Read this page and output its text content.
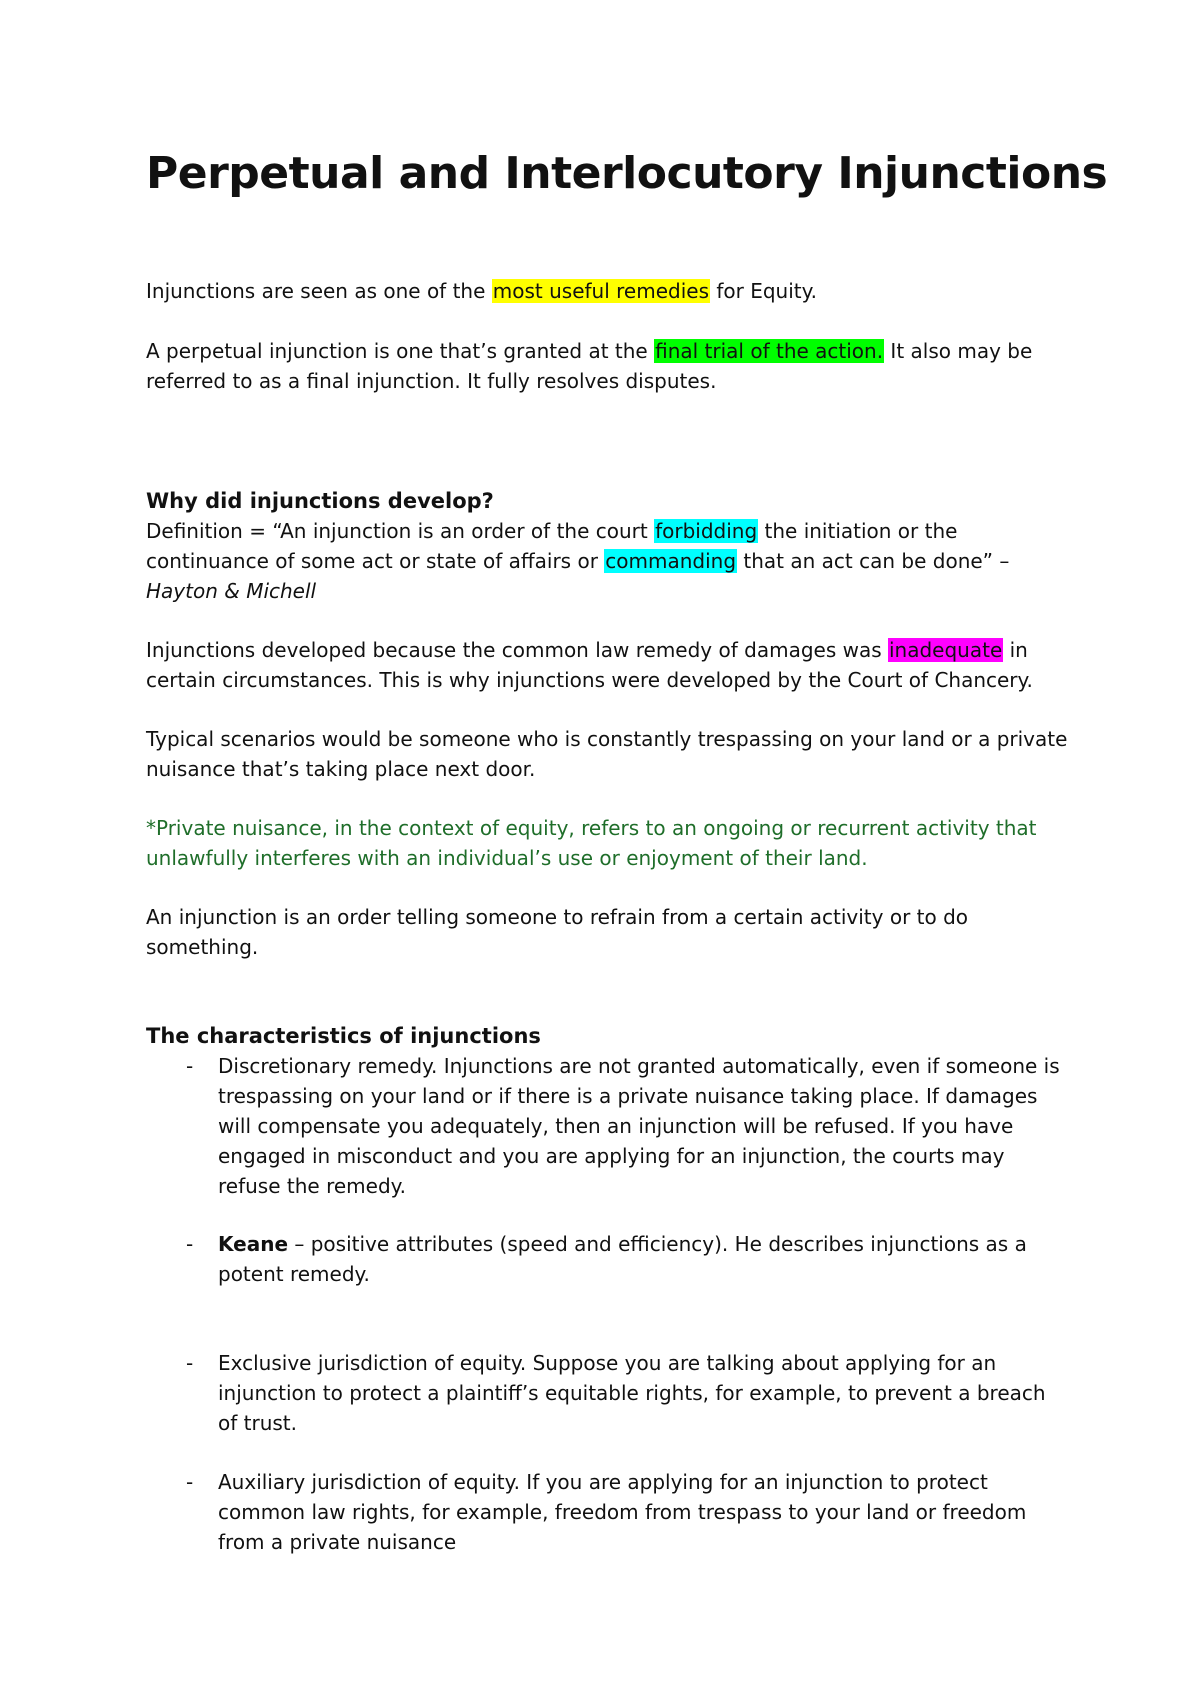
Perpetual and Interlocutory Injunctions

Injunctions are seen as one of the most useful remedies for Equity.

A perpetual injunction is one that’s granted at the final trial of the action. It also may be referred to as a final injunction. It fully resolves disputes.

Why did injunctions develop?

Definition = “An injunction is an order of the court forbidding the initiation or the continuance of some act or state of affairs or commanding that an act can be done” – Hayton & Michell

Injunctions developed because the common law remedy of damages was inadequate in certain circumstances. This is why injunctions were developed by the Court of Chancery.

Typical scenarios would be someone who is constantly trespassing on your land or a private nuisance that’s taking place next door.

*Private nuisance, in the context of equity, refers to an ongoing or recurrent activity that unlawfully interferes with an individual’s use or enjoyment of their land.

An injunction is an order telling someone to refrain from a certain activity or to do something.

The characteristics of injunctions
- Discretionary remedy. Injunctions are not granted automatically, even if someone is trespassing on your land or if there is a private nuisance taking place. If damages will compensate you adequately, then an injunction will be refused. If you have engaged in misconduct and you are applying for an injunction, the courts may refuse the remedy.
- Keane – positive attributes (speed and efficiency). He describes injunctions as a potent remedy.
- Exclusive jurisdiction of equity. Suppose you are talking about applying for an injunction to protect a plaintiff’s equitable rights, for example, to prevent a breach of trust.
- Auxiliary jurisdiction of equity. If you are applying for an injunction to protect common law rights, for example, freedom from trespass to your land or freedom from a private nuisance
